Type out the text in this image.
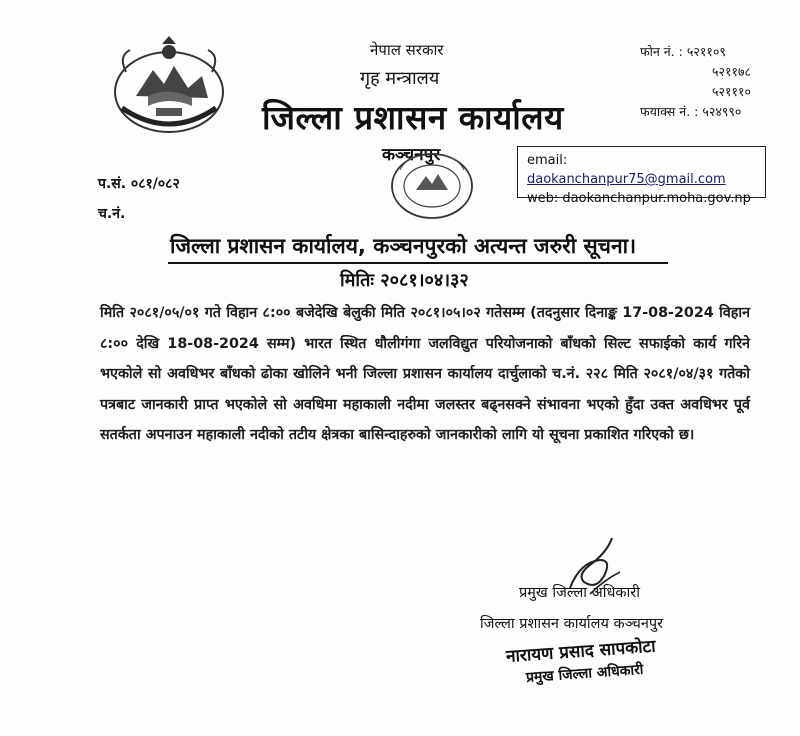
नेपाल सरकार
गृह मन्त्रालय
जिल्ला प्रशासन कार्यालय
कञ्चनपुर
फोन नं. : ५२११०९
५२११७८
५२१११०
फयाक्स नं. : ५२४९९०
email: daokanchanpur75@gmail.com
web: daokanchanpur.moha.gov.np
प.सं. ०८१/०८२
च.नं.
जिल्ला प्रशासन कार्यालय, कञ्चनपुरको अत्यन्त जरुरी सूचना।
मितिः २०८१।०४।३२
मिति २०८१/०५/०१ गते विहान ८:०० बजेदेखि बेलुकी मिति २०८१।०५।०२ गतेसम्म (तदनुसार दिनाङ्क 17-08-2024 विहान ८:०० देखि 18-08-2024 सम्म) भारत स्थित धौलीगंगा जलविद्युत परियोजनाको बाँधको सिल्ट सफाईको कार्य गरिने भएकोले सो अवधिभर बाँधको ढोका खोलिने भनी जिल्ला प्रशासन कार्यालय दार्चुलाको च.नं. २२८ मिति २०८१/०४/३१ गतेको पत्रबाट जानकारी प्राप्त भएकोले सो अवधिमा महाकाली नदीमा जलस्तर बढ्नसक्ने संभावना भएको हुँदा उक्त अवधिभर पूर्व सतर्कता अपनाउन महाकाली नदीको तटीय क्षेत्रका बासिन्दाहरुको जानकारीको लागि यो सूचना प्रकाशित गरिएको छ।
प्रमुख जिल्ला अधिकारी
जिल्ला प्रशासन कार्यालय कञ्चनपुर
नारायण प्रसाद सापकोटा
प्रमुख जिल्ला अधिकारी
